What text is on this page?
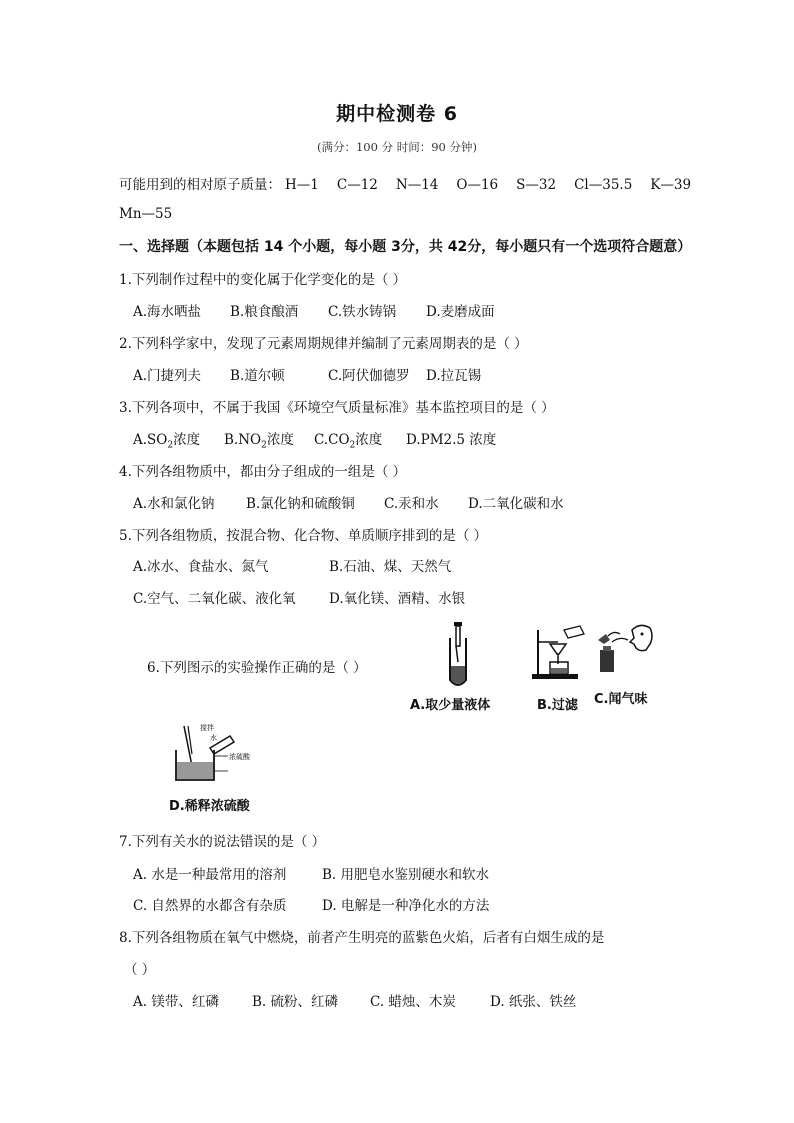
期中检测卷 6
(满分：100 分 时间：90 分钟)
可能用到的相对原子质量： H—1 C—12 N—14 O—16 S—32 Cl—35.5 K—39
Mn—55
一、选择题（本题包括 14 个小题，每小题 3分，共 42分，每小题只有一个选项符合题意）
1.下列制作过程中的变化属于化学变化的是（ ）
A.海水晒盐 B.粮食酿酒 C.铁水铸锅 D.麦磨成面
2.下列科学家中，发现了元素周期规律并编制了元素周期表的是（ ）
A.门捷列夫 B.道尔顿	C.阿伏伽德罗 D.拉瓦锡
3.下列各项中，不属于我国《环境空气质量标准》基本监控项目的是（ ）
$A.SO_2$浓度 $B.NO_2$浓度 $C.CO_2$浓度 D.PM2.5 浓度
4.下列各组物质中，都由分子组成的一组是（ ）
A.水和氯化钠 B.氯化钠和硫酸铜 C.汞和水 D.二氧化碳和水
5.下列各组物质，按混合物、化合物、单质顺序排到的是（ ）
A.冰水、食盐水、氮气	B.石油、煤、天然气
C.空气、二氧化碳、液化氧 D.氧化镁、酒精、水银
6.下列图示的实验操作正确的是（ ）
A.取少量液体	B.过滤 C.闻气味
搅拌
水
浓硫酸
D.稀释浓硫酸
7.下列有关水的说法错误的是（ ）
A. 水是一种最常用的溶剂	B. 用肥皂水鉴别硬水和软水
C. 自然界的水都含有杂质	D. 电解是一种净化水的方法
8.下列各组物质在氧气中燃烧，前者产生明亮的蓝紫色火焰，后者有白烟生成的是
（ ）
A. 镁带、红磷 B. 硫粉、红磷 C. 蜡烛、木炭	D. 纸张、铁丝
